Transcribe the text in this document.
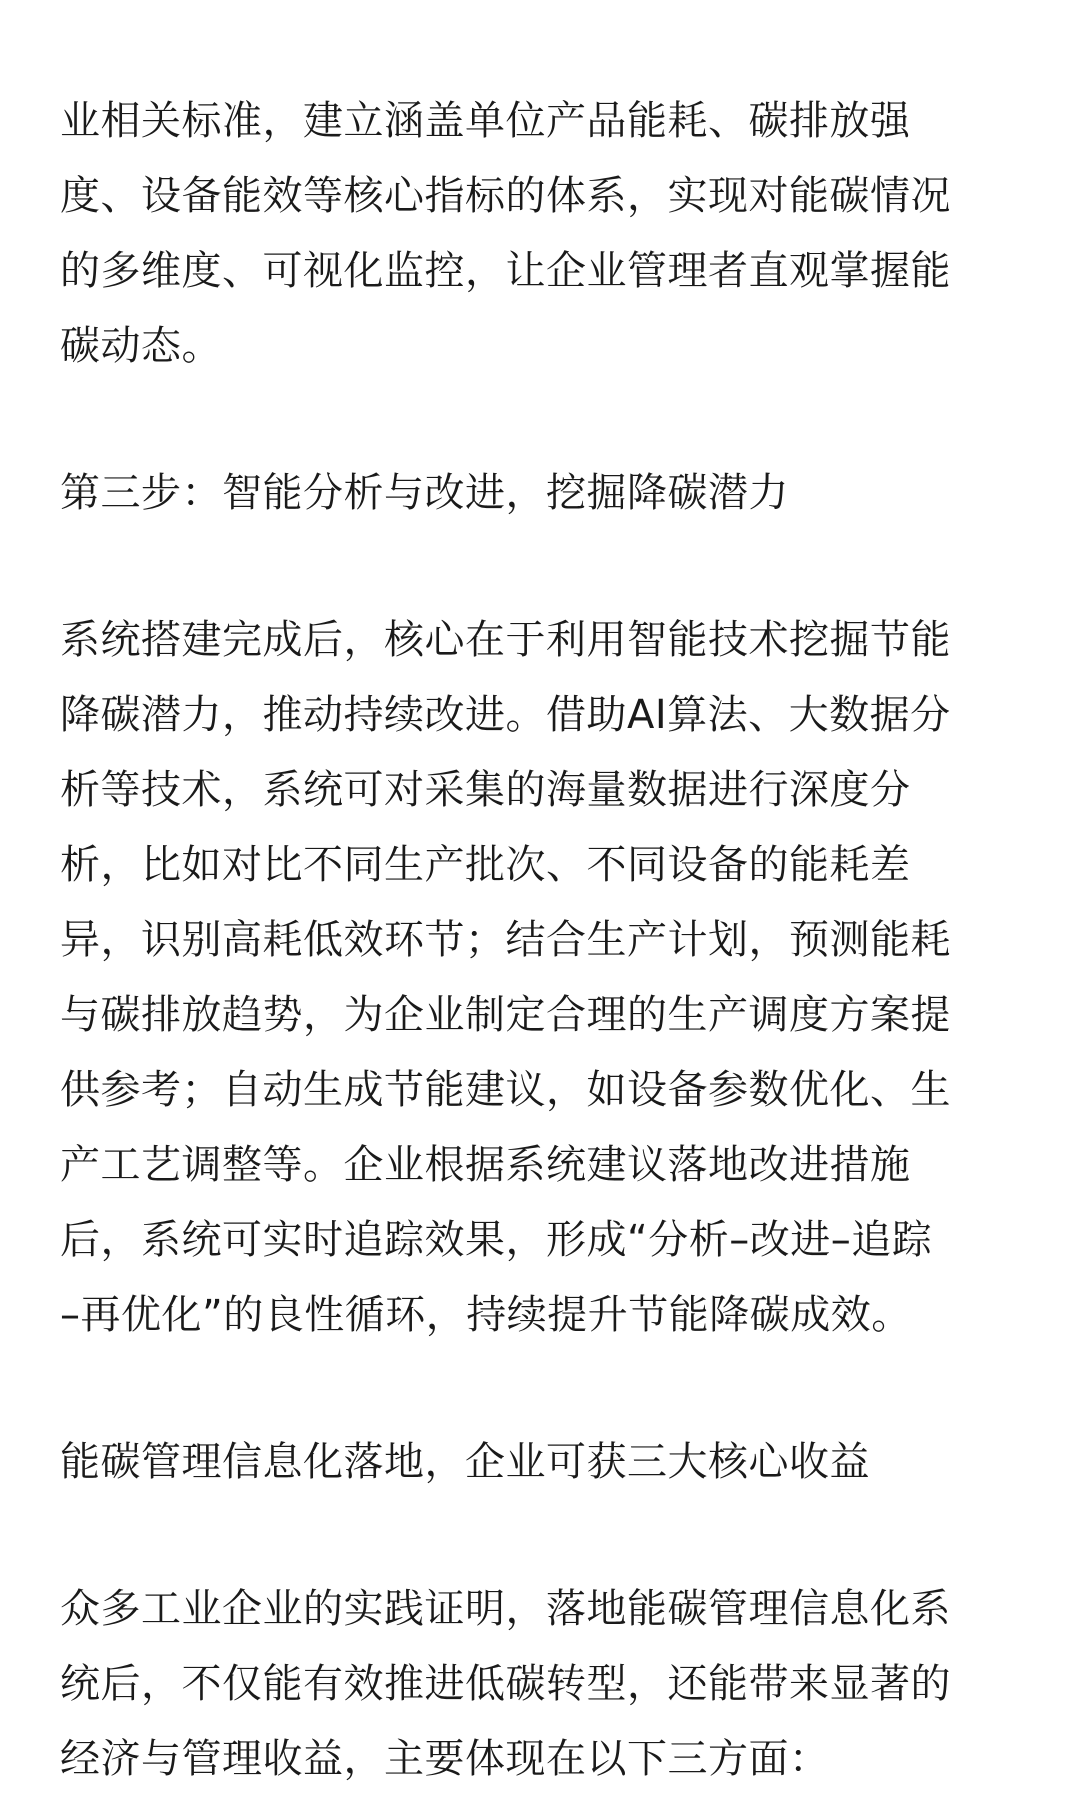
业相关标准，建立涵盖单位产品能耗、碳排放强
度、设备能效等核心指标的体系，实现对能碳情况
的多维度、可视化监控，让企业管理者直观掌握能
碳动态。
第三步：智能分析与改进，挖掘降碳潜力
系统搭建完成后，核心在于利用智能技术挖掘节能
降碳潜力，推动持续改进。借助AI算法、大数据分
析等技术，系统可对采集的海量数据进行深度分
析，比如对比不同生产批次、不同设备的能耗差
异，识别高耗低效环节；结合生产计划，预测能耗
与碳排放趋势，为企业制定合理的生产调度方案提
供参考；自动生成节能建议，如设备参数优化、生
产工艺调整等。企业根据系统建议落地改进措施
后，系统可实时追踪效果，形成“分析–改进–追踪
–再优化”的良性循环，持续提升节能降碳成效。
能碳管理信息化落地，企业可获三大核心收益
众多工业企业的实践证明，落地能碳管理信息化系
统后，不仅能有效推进低碳转型，还能带来显著的
经济与管理收益，主要体现在以下三方面：
